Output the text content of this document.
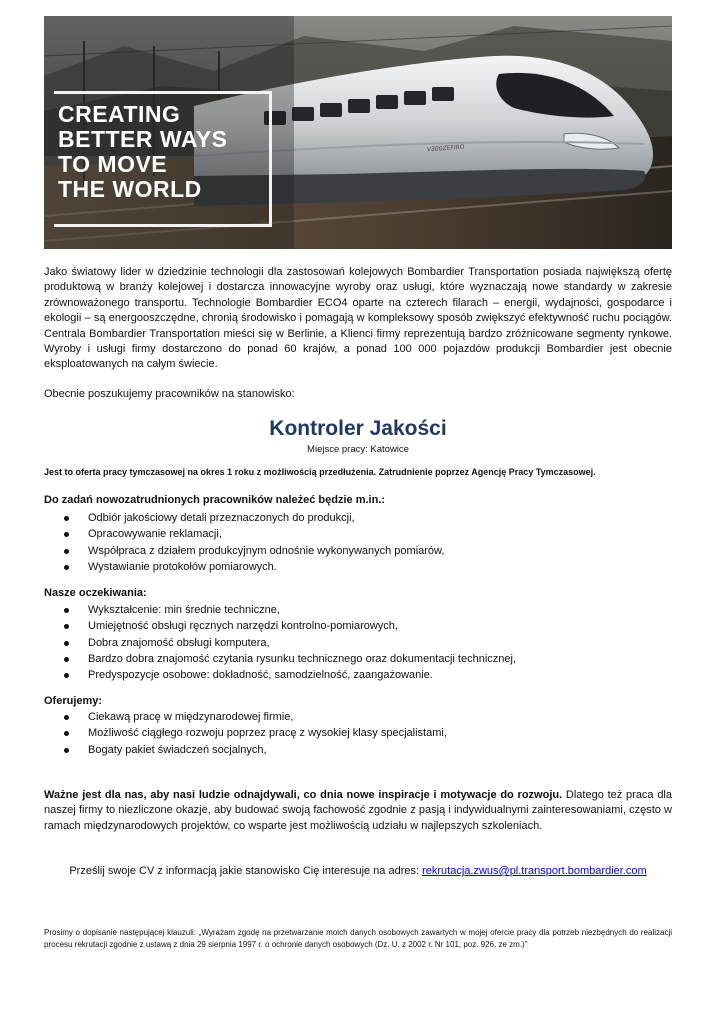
CREATING
BETTER WAYS
TO MOVE
THE WORLD
V300ZEFIRO
Jako światowy lider w dziedzinie technologii dla zastosowań kolejowych Bombardier Transportation posiada największą ofertę produktową w branży kolejowej i dostarcza innowacyjne wyroby oraz usługi, które wyznaczają nowe standardy w zakresie zrównoważonego transportu. Technologie Bombardier ECO4 oparte na czterech filarach – energii, wydajności, gospodarce i ekologii – są energooszczędne, chronią środowisko i pomagają w kompleksowy sposób zwiększyć efektywność ruchu pociągów. Centrala Bombardier Transportation mieści się w Berlinie, a Klienci firmy reprezentują bardzo zróżnicowane segmenty rynkowe. Wyroby i usługi firmy dostarczono do ponad 60 krajów, a ponad 100 000 pojazdów produkcji Bombardier jest obecnie eksploatowanych na całym świecie.
Obecnie poszukujemy pracowników na stanowisko:
Kontroler Jakości
Miejsce pracy: Katowice
Jest to oferta pracy tymczasowej na okres 1 roku z możliwością przedłużenia. Zatrudnienie poprzez Agencję Pracy Tymczasowej.
Do zadań nowozatrudnionych pracowników należeć będzie m.in.:
Odbiór jakościowy detali przeznaczonych do produkcji,
Opracowywanie reklamacji,
Współpraca z działem produkcyjnym odnośnie wykonywanych pomiarów,
Wystawianie protokołów pomiarowych.
Nasze oczekiwania:
Wykształcenie: min średnie techniczne,
Umiejętność obsługi ręcznych narzędzi kontrolno-pomiarowych,
Dobra znajomość obsługi komputera,
Bardzo dobra znajomość czytania rysunku technicznego oraz dokumentacji technicznej,
Predyspozycje osobowe: dokładność, samodzielność, zaangażowanie.
Oferujemy:
Ciekawą pracę w międzynarodowej firmie,
Możliwość ciągłego rozwoju poprzez pracę z wysokiej klasy specjalistami,
Bogaty pakiet świadczeń socjalnych,
Ważne jest dla nas, aby nasi ludzie odnajdywali, co dnia nowe inspiracje i motywacje do rozwoju. Dlatego też praca dla naszej firmy to niezliczone okazje, aby budować swoją fachowość zgodnie z pasją i indywidualnymi zainteresowaniami, często w ramach międzynarodowych projektów, co wsparte jest możliwością udziału w najlepszych szkoleniach.
Prześlij swoje CV z informacją jakie stanowisko Cię interesuje na adres: rekrutacja.zwus@pl.transport.bombardier.com
Prosimy o dopisanie następującej klauzuli: „Wyrażam zgodę na przetwarzanie moich danych osobowych zawartych w mojej ofercie pracy dla potrzeb niezbędnych do realizacji procesu rekrutacji zgodnie z ustawą z dnia 29 sierpnia 1997 r. o ochronie danych osobowych (Dz. U. z 2002 r. Nr 101, poz. 926, ze zm.)”
